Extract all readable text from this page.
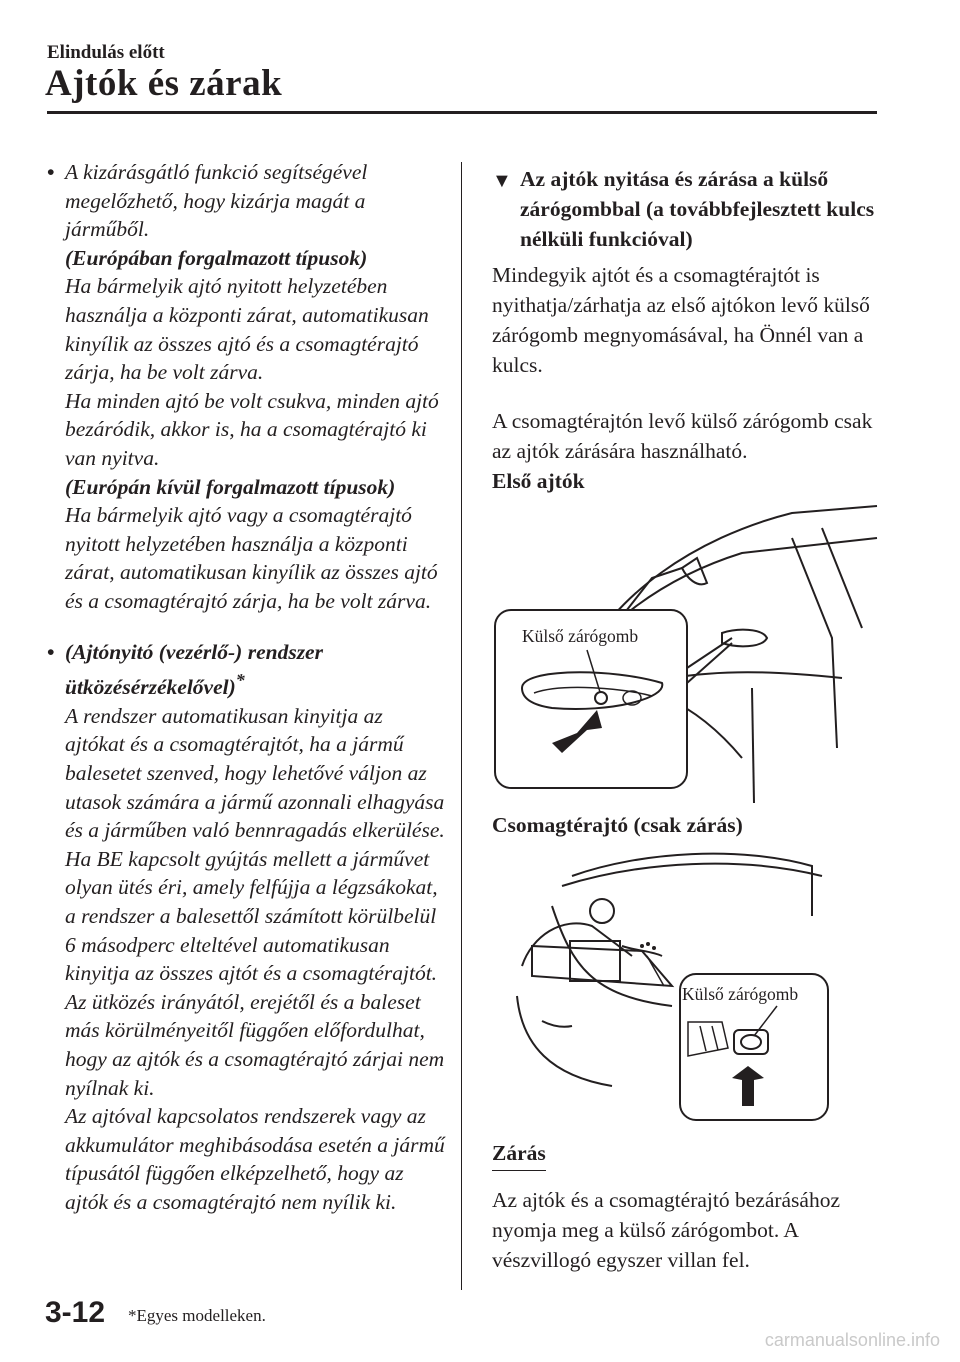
Elindulás előtt
Ajtók és zárak
• A kizárásgátló funkció segítségével megelőzhető, hogy kizárja magát a járműből.

(Európában forgalmazott típusok)

Ha bármelyik ajtó nyitott helyzetében használja a központi zárat, automatikusan kinyílik az összes ajtó és a csomagtérajtó zárja, ha be volt zárva.

Ha minden ajtó be volt csukva, minden ajtó bezáródik, akkor is, ha a csomagtérajtó ki van nyitva.

(Európán kívül forgalmazott típusok)

Ha bármelyik ajtó vagy a csomagtérajtó nyitott helyzetében használja a központi zárat, automatikusan kinyílik az összes ajtó és a csomagtérajtó zárja, ha be volt zárva.

• (Ajtónyitó (vezérlő-) rendszer ütközésérzékelővel)*

A rendszer automatikusan kinyitja az ajtókat és a csomagtérajtót, ha a jármű balesetet szenved, hogy lehetővé váljon az utasok számára a jármű azonnali elhagyása és a járműben való bennragadás elkerülése. Ha BE kapcsolt gyújtás mellett a járművet olyan ütés éri, amely felfújja a légzsákokat, a rendszer a balesettől számított körülbelül 6 másodperc elteltével automatikusan kinyitja az összes ajtót és a csomagtérajtót.

Az ütközés irányától, erejétől és a baleset más körülményeitől függően előfordulhat, hogy az ajtók és a csomagtérajtó zárjai nem nyílnak ki.

Az ajtóval kapcsolatos rendszerek vagy az akkumulátor meghibásodása esetén a jármű típusától függően elképzelhető, hogy az ajtók és a csomagtérajtó nem nyílik ki.

▼ Az ajtók nyitása és zárása a külső zárógombbal (a továbbfejlesztett kulcs nélküli funkcióval)

Mindegyik ajtót és a csomagtérajtót is nyithatja/zárhatja az első ajtókon levő külső zárógomb megnyomásával, ha Önnél van a kulcs.

A csomagtérajtón levő külső zárógomb csak az ajtók zárására használható.

Első ajtók

Külső zárógomb

Csomagtérajtó (csak zárás)

Külső zárógomb
Zárás

Az ajtók és a csomagtérajtó bezárásához nyomja meg a külső zárógombot. A vészvillogó egyszer villan fel.

3-12 *Egyes modelleken.
carmanualsonline.info
